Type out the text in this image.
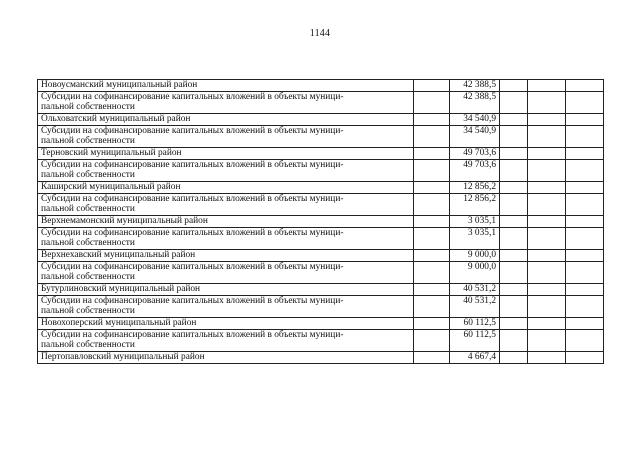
1144
Новоусманский муниципальный район		42 388,5			

Субсидии на софинансирование капитальных вложений в объекты муници-
пальной собственности		42 388,5			

Ольховатский муниципальный район		34 540,9			

Субсидии на софинансирование капитальных вложений в объекты муници-
пальной собственности		34 540,9			

Терновский муниципальный район		49 703,6			

Субсидии на софинансирование капитальных вложений в объекты муници-
пальной собственности		49 703,6			

Каширский муниципальный район		12 856,2			

Субсидии на софинансирование капитальных вложений в объекты муници-
пальной собственности		12 856,2			

Верхнемамонский муниципальный район		3 035,1			

Субсидии на софинансирование капитальных вложений в объекты муници-
пальной собственности		3 035,1			

Верхнехавский муниципальный район		9 000,0			

Субсидии на софинансирование капитальных вложений в объекты муници-
пальной собственности		9 000,0			

Бутурлиновский муниципальный район		40 531,2			

Субсидии на софинансирование капитальных вложений в объекты муници-
пальной собственности		40 531,2			

Новохоперский муниципальный район		60 112,5			

Субсидии на софинансирование капитальных вложений в объекты муници-
пальной собственности		60 112,5			

Пертопавловский муниципальный район		4 667,4			
